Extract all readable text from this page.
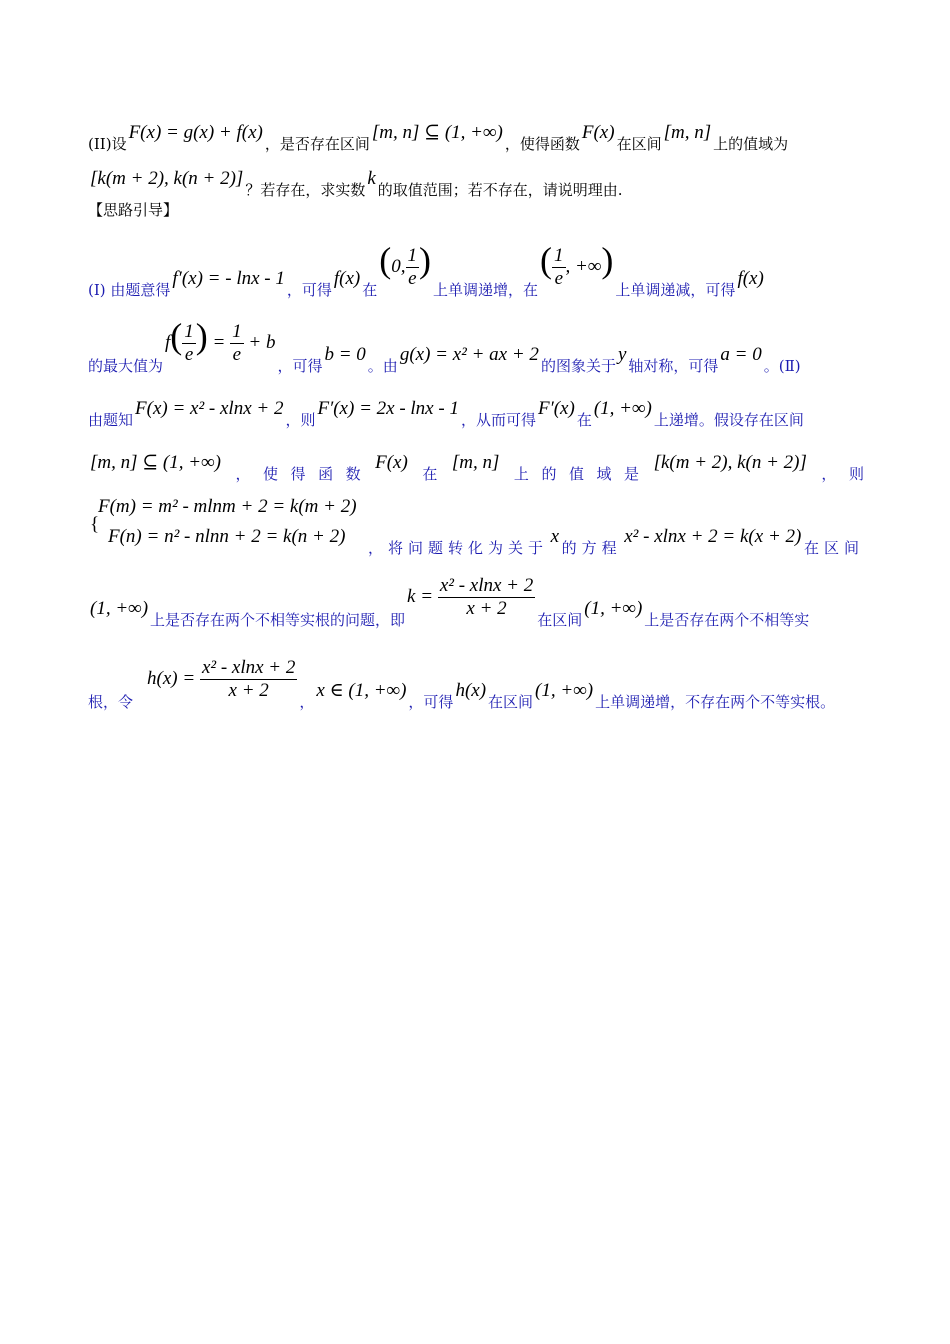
(II) 设
F(x) = g(x) + f(x)
，是否存在区间
[m, n] ⊆ (1, +∞)
，使得函数
F(x)
在区间
[m, n]
上的值域为
[k(m + 2), k(n + 2)]
？若存在，求实数
k
的取值范围；若不存在，请说明理由.
【思路引导】
(Ⅰ) 由题意得
f′(x) = - lnx - 1
，可得
f(x)
在
(0, $\frac{1}{e}$ )
上单调递增，在
( $\frac{1}{e}$ , +∞)
上单调递减，可得
f(x)
的最大值为
$f( \frac{1}{e}$ ) = $\frac{1}{e} + b$
，可得
b = 0
。由
g(x) = x² + ax + 2
的图象关于
y
轴对称，可得
a = 0
。(Ⅱ)
由题知
F(x) = x² - xlnx + 2
，则
F′(x) = 2x - lnx - 1
，从而可得
F′(x)
在
(1, +∞)
上递增。假设存在区间
[m, n] ⊆ (1, +∞)
， 使 得 函 数
F(x)
在
[m, n]
上 的 值 域 是
[k(m + 2), k(n + 2)]
， 则
{
F(m) = m² - mlnm + 2 = k(m + 2)
F(n) = n² - nlnn + 2 = k(n + 2)
，将问题转化为关于
x
的方程
x² - xlnx + 2 = k(x + 2)
在区间
(1, +∞)
上是否存在两个不相等实根的问题，即
$k = \frac{\text{x² - xlnx + 2}}{x + 2}$ 在区间
(1, +∞)
上是否存在两个不相等实
根，令
$h(x) = \frac{\text{x² - xlnx + 2}}{x + 2}$ ，
x ∈ (1, +∞)
，可得
h(x)
在区间
(1, +∞)
上单调递增，不存在两个不等实根。
